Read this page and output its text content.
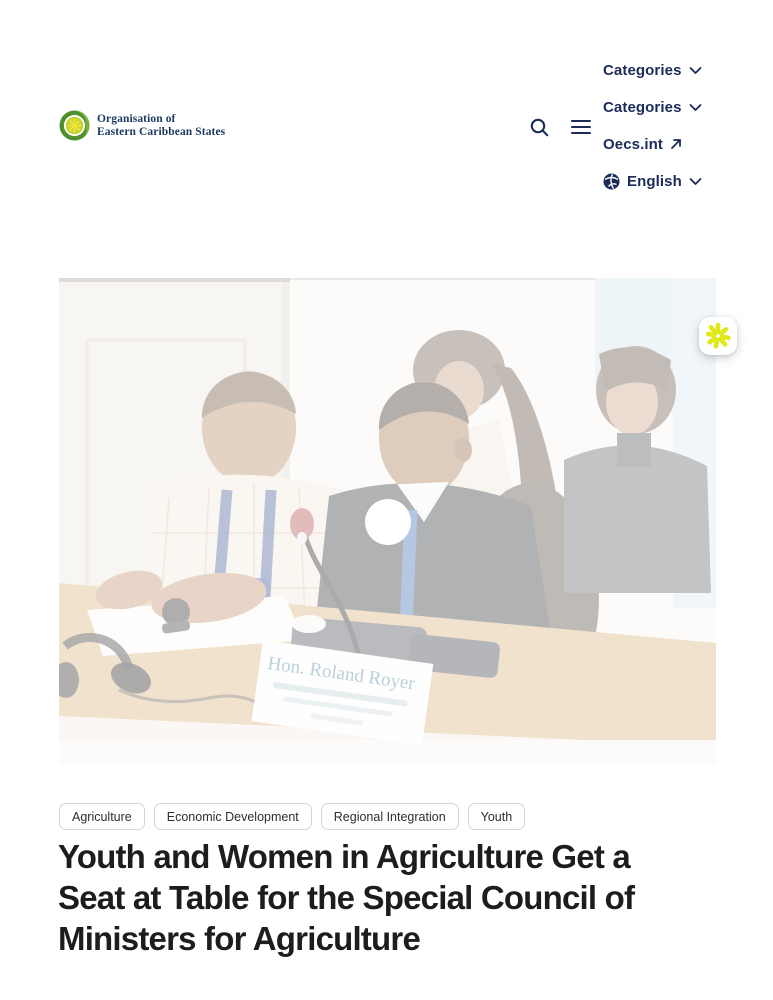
Organisation of
Eastern Caribbean States
Categories
Categories
Oecs.int
English
Agriculture	Economic Development	Regional Integration	Youth
Youth and Women in Agriculture Get a
Seat at Table for the Special Council of
Ministers for Agriculture
